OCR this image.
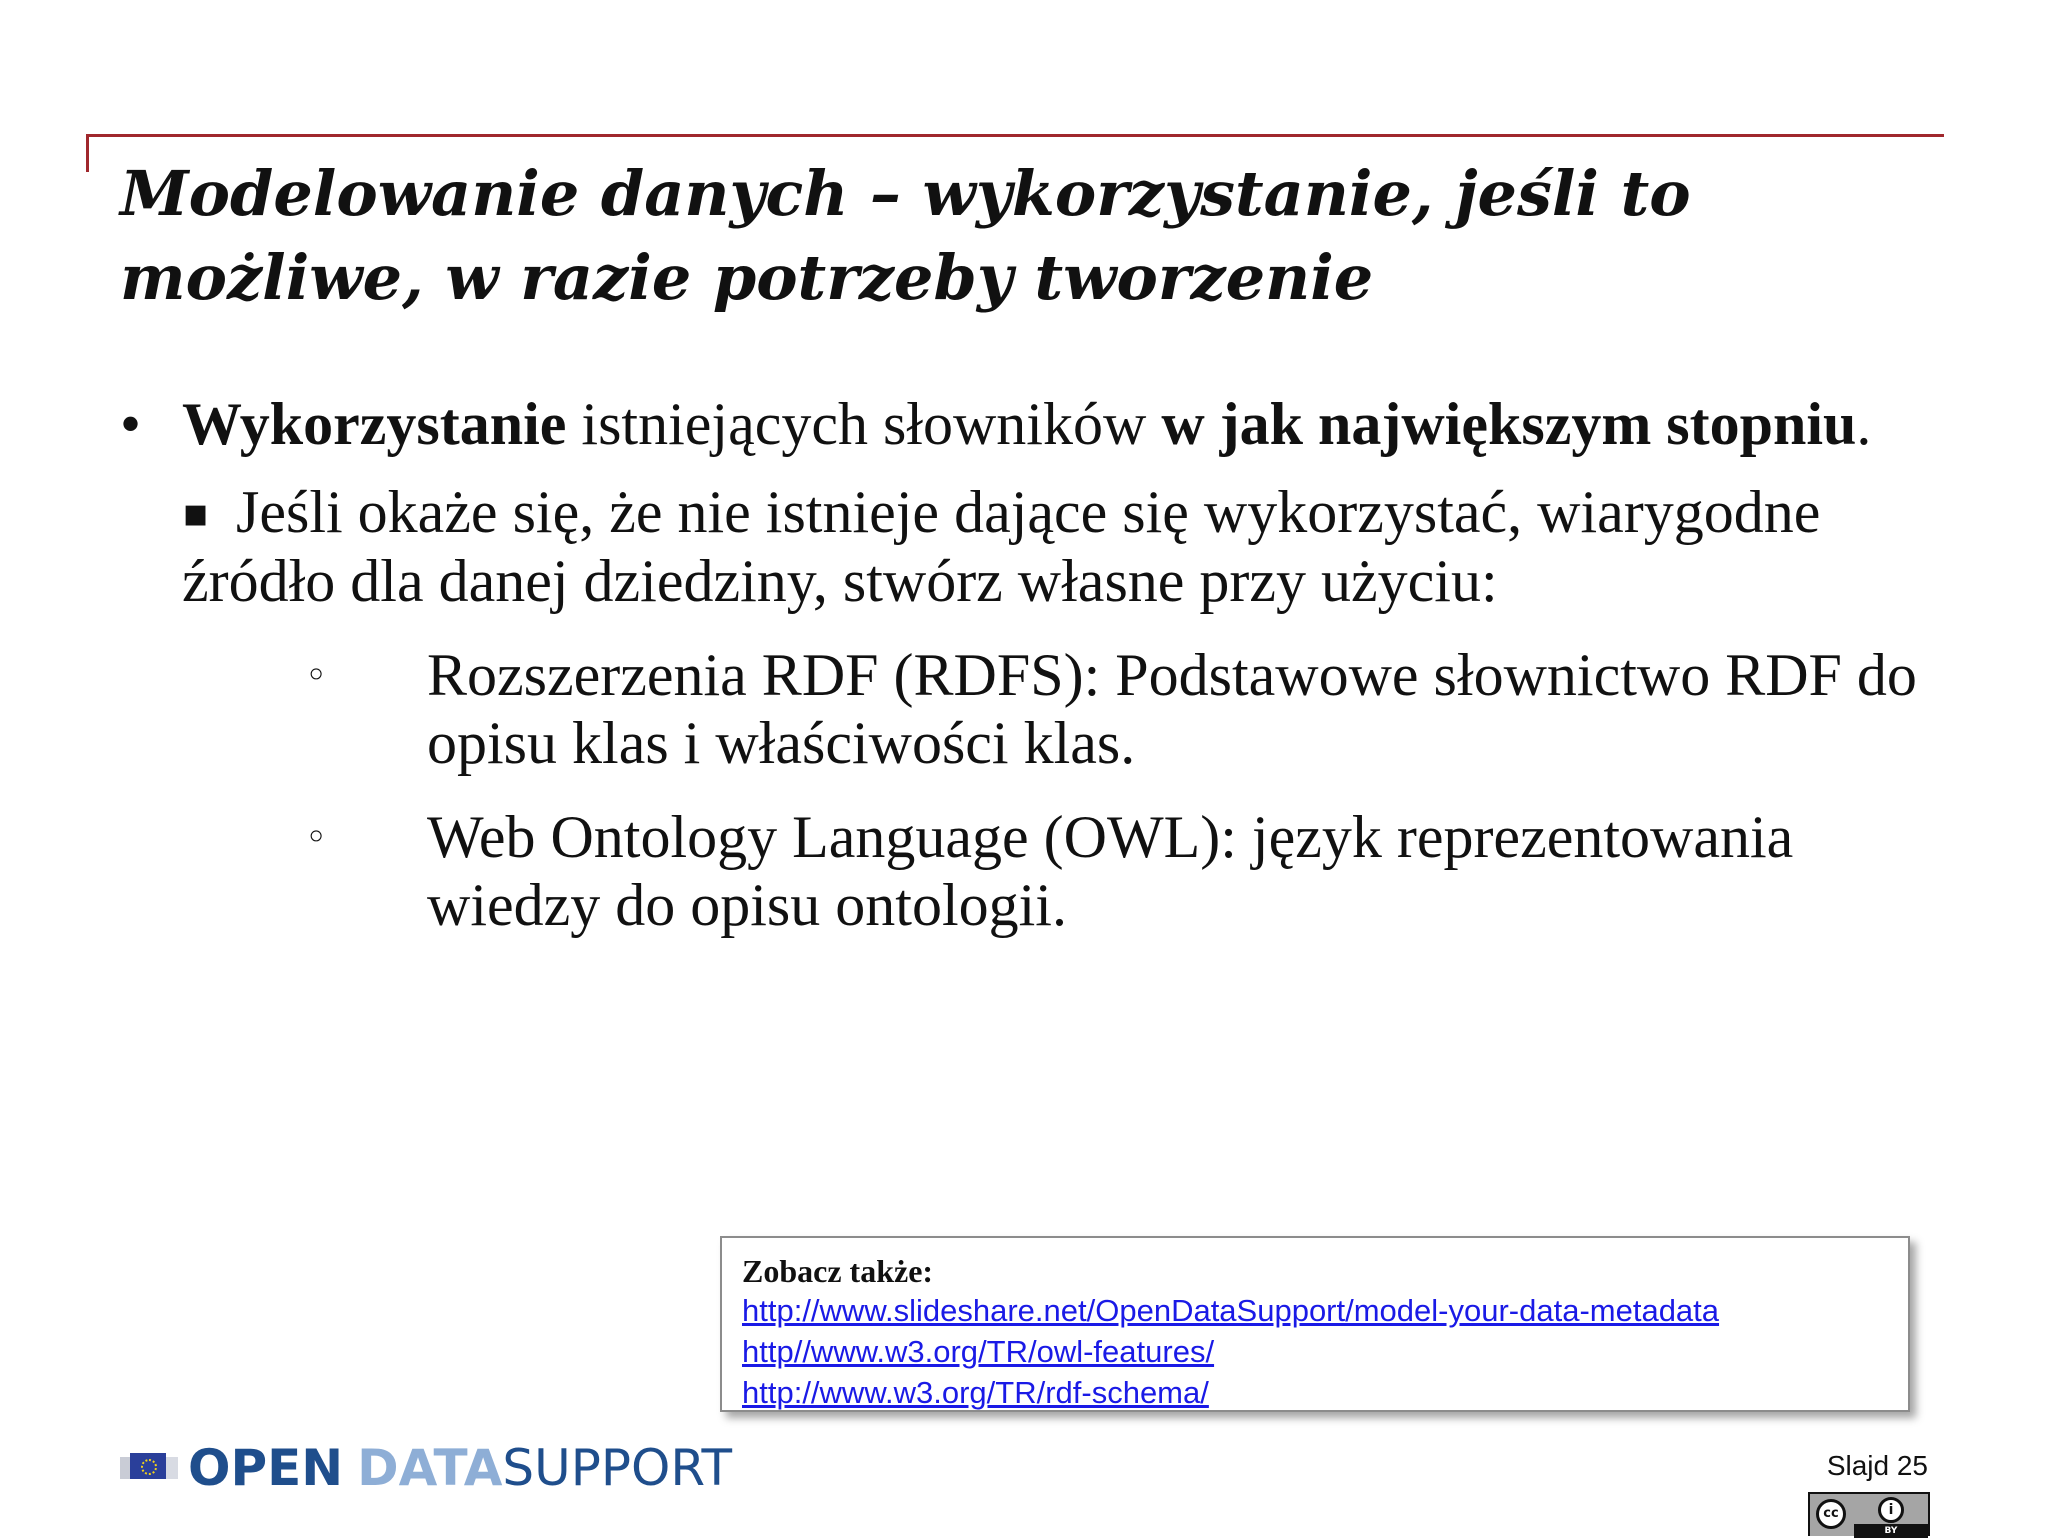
Modelowanie danych – wykorzystanie, jeśli to
możliwe, w razie potrzeby tworzenie

• Wykorzystanie istniejących słowników w jak największym stopniu.

▪ Jeśli okaże się, że nie istnieje dające się wykorzystać, wiarygodne źródło dla danej dziedziny, stwórz własne przy użyciu:

◦	Rozszerzenia RDF (RDFS): Podstawowe słownictwo RDF do opisu klas i właściwości klas.

◦	Web Ontology Language (OWL): język reprezentowania wiedzy do opisu ontologii.

Zobacz także:
http://www.slideshare.net/OpenDataSupport/model-your-data-metadata
http//www.w3.org/TR/owl-features/
http://www.w3.org/TR/rdf-schema/
OPEN DATASUPPORT	Slajd 25
cc	i
BY
